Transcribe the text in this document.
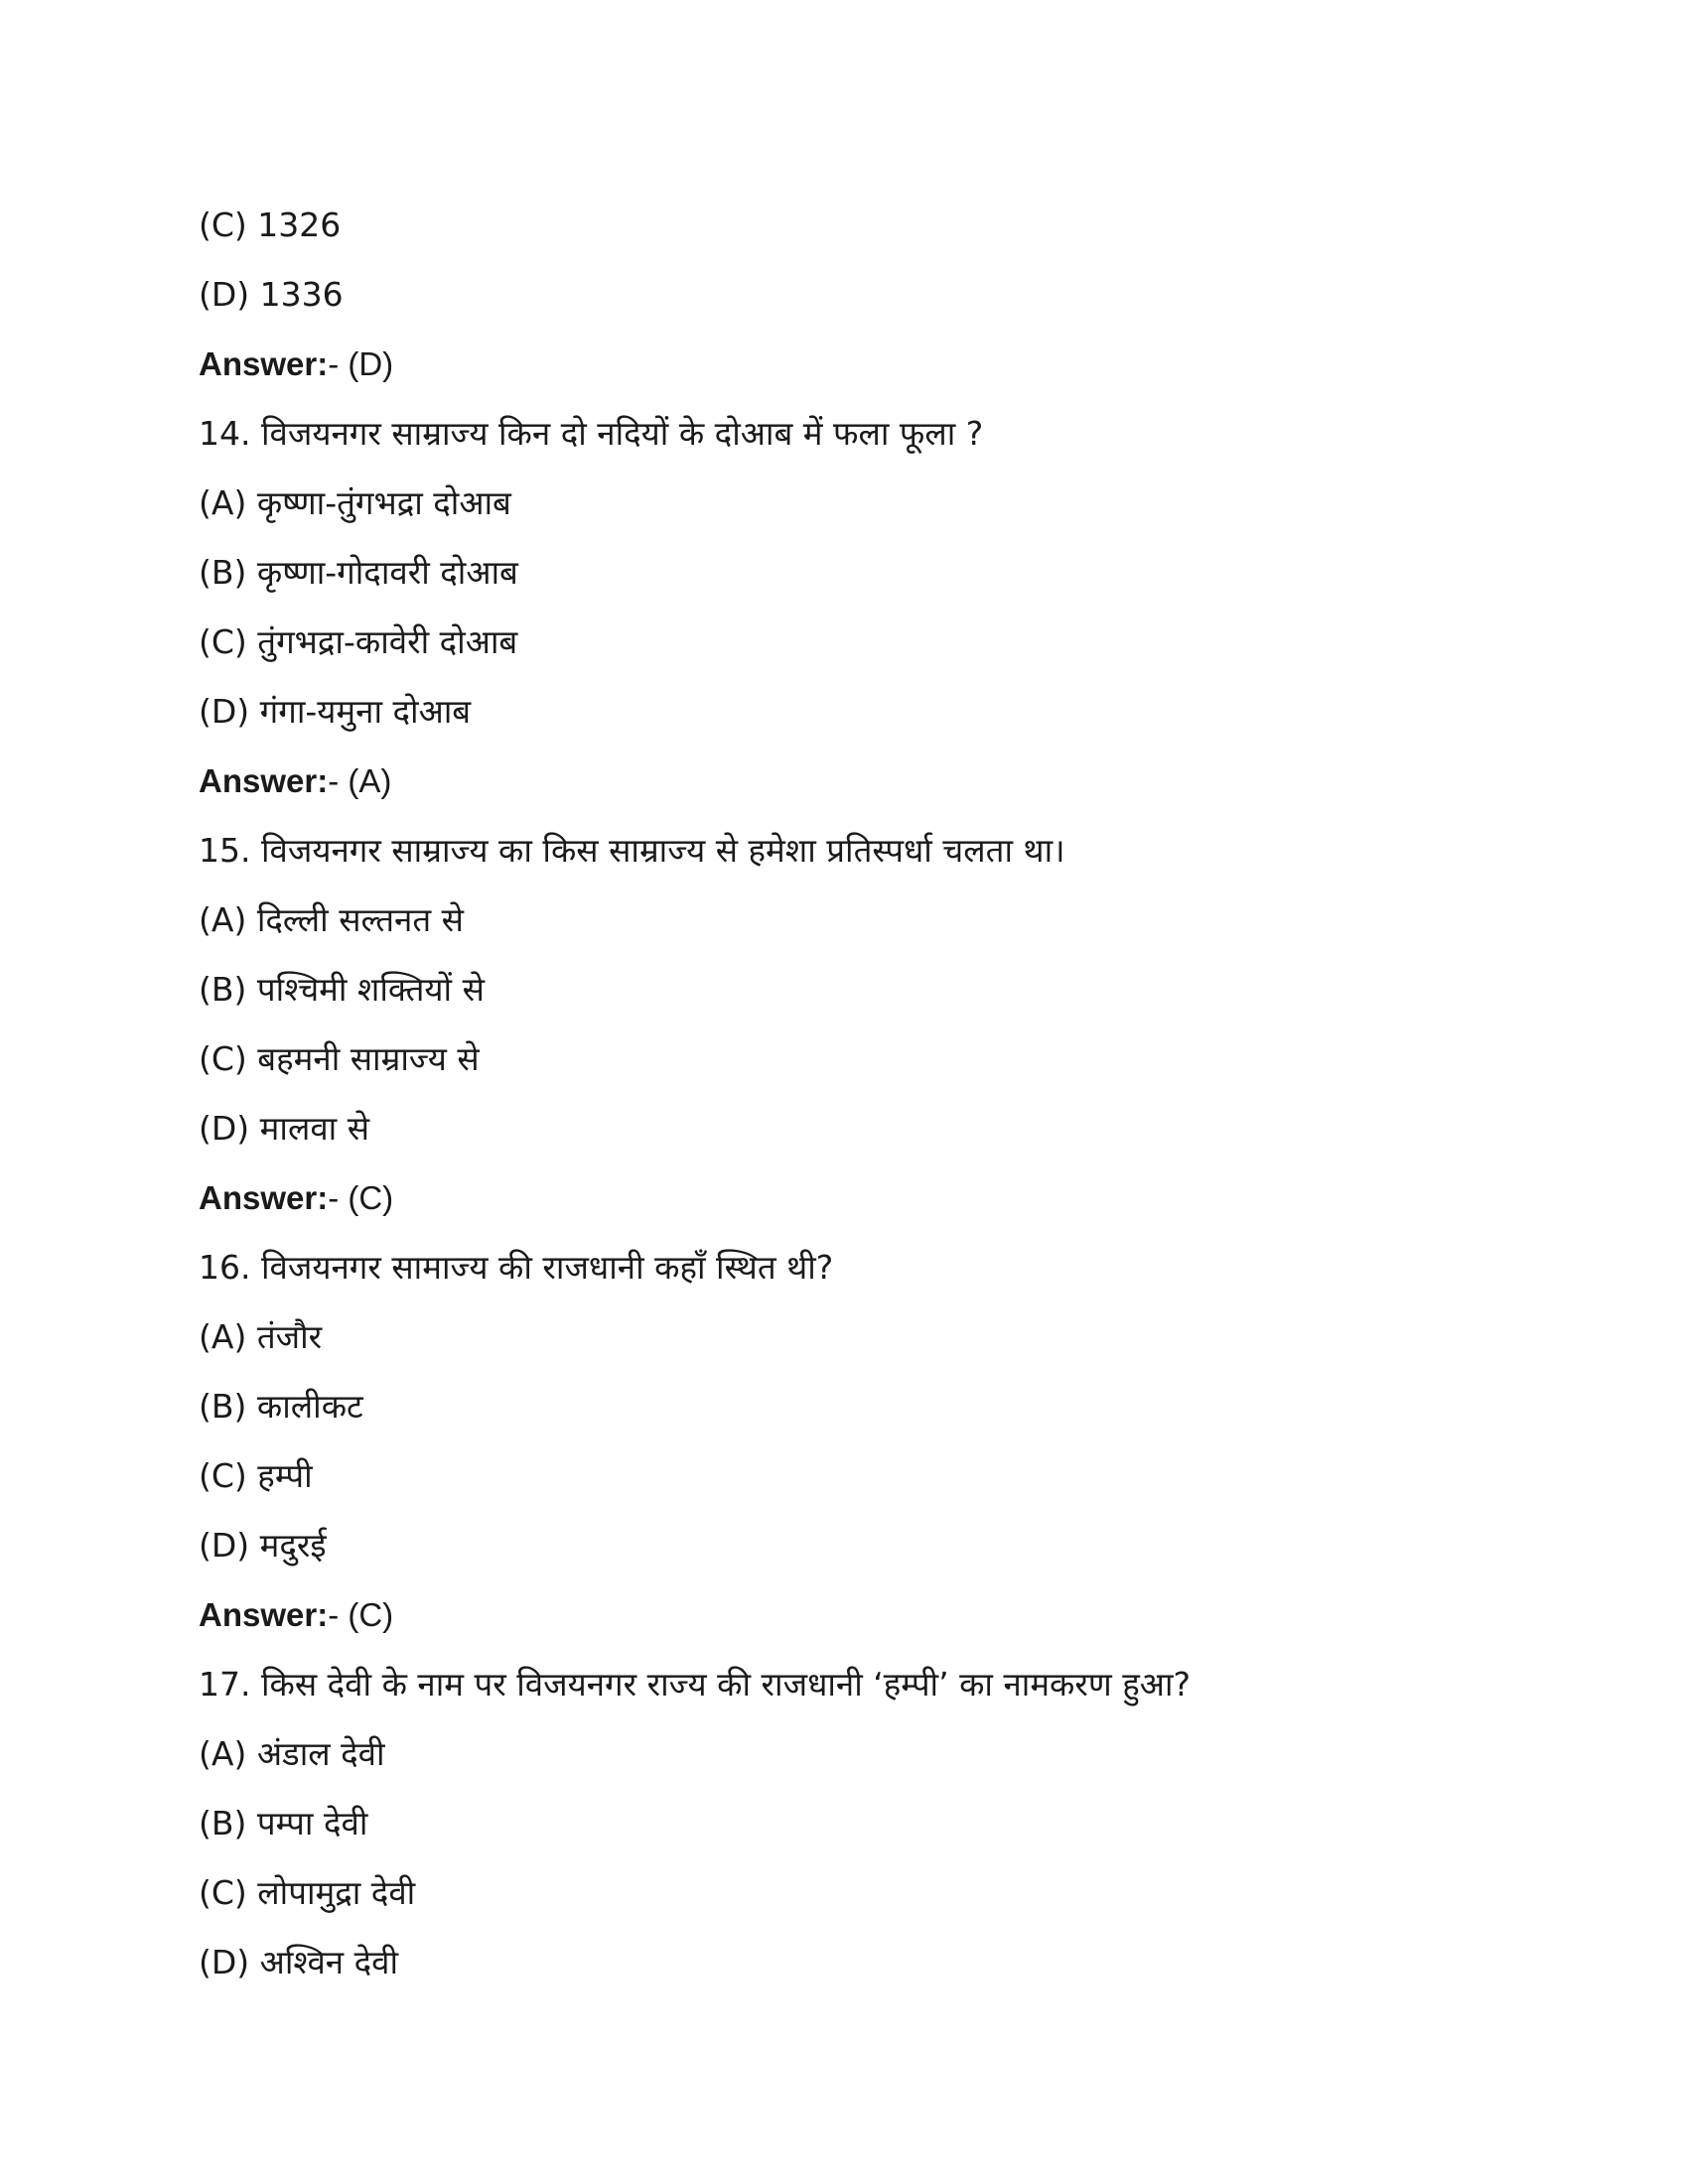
(C) 1326
(D) 1336
Answer:- (D)
14. विजयनगर साम्राज्य किन दो नदियों के दोआब में फला फूला ?
(A) कृष्णा-तुंगभद्रा दोआब
(B) कृष्णा-गोदावरी दोआब
(C) तुंगभद्रा-कावेरी दोआब
(D) गंगा-यमुना दोआब
Answer:- (A)
15. विजयनगर साम्राज्य का किस साम्राज्य से हमेशा प्रतिस्पर्धा चलता था।
(A) दिल्ली सल्तनत से
(B) पश्चिमी शक्तियों से
(C) बहमनी साम्राज्य से
(D) मालवा से
Answer:- (C)
16. विजयनगर सामाज्य की राजधानी कहाँ स्थित थी?
(A) तंजौर
(B) कालीकट
(C) हम्पी
(D) मदुरई
Answer:- (C)
17. किस देवी के नाम पर विजयनगर राज्य की राजधानी ‘हम्पी’ का नामकरण हुआ?
(A) अंडाल देवी
(B) पम्पा देवी
(C) लोपामुद्रा देवी
(D) अश्विन देवी
